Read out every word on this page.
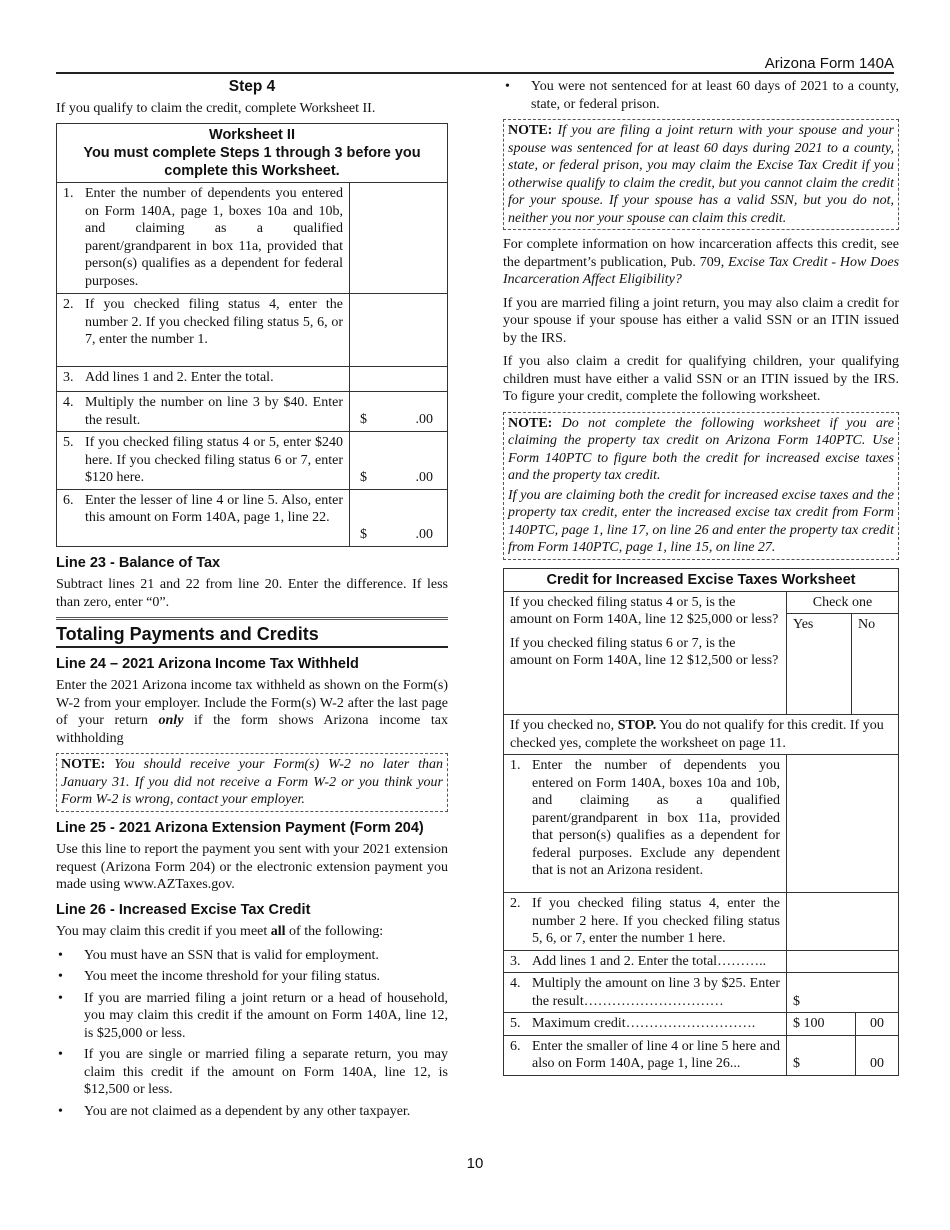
Arizona Form 140A
Step 4

If you qualify to claim the credit, complete Worksheet II.

Worksheet II
You must complete Steps 1 through 3 before you complete this Worksheet.	

1. Enter the number of dependents you entered on Form 140A, page 1, boxes 10a and 10b, and claiming as a qualified parent/grandparent in box 11a, provided that person(s) qualifies as a dependent for federal purposes.	

2. If you checked filing status 4, enter the number 2. If you checked filing status 5, 6, or 7, enter the number 1.	

3. Add lines 1 and 2. Enter the total.	

4. Multiply the number on line 3 by $40. Enter the result.	$ .00

5. If you checked filing status 4 or 5, enter $240 here. If you checked filing status 6 or 7, enter $120 here.	$ .00

6. Enter the lesser of line 4 or line 5. Also, enter this amount on Form 140A, page 1, line 22.	$ .00
Line 23 - Balance of Tax

Subtract lines 21 and 22 from line 20. Enter the difference. If less than zero, enter “0”.

Totaling Payments and Credits
Line 24 – 2021 Arizona Income Tax Withheld

Enter the 2021 Arizona income tax withheld as shown on the Form(s) W-2 from your employer. Include the Form(s) W-2 after the last page of your return only if the form shows Arizona income tax withholding

NOTE: You should receive your Form(s) W-2 no later than January 31. If you did not receive a Form W-2 or you think your Form W-2 is wrong, contact your employer.
Line 25 - 2021 Arizona Extension Payment (Form 204)

Use this line to report the payment you sent with your 2021 extension request (Arizona Form 204) or the electronic extension payment you made using www.AZTaxes.gov.

Line 26 - Increased Excise Tax Credit

You may claim this credit if you meet all of the following:

• You must have an SSN that is valid for employment.
• You meet the income threshold for your filing status.
• If you are married filing a joint return or a head of household, you may claim this credit if the amount on Form 140A, line 12, is $25,000 or less.
• If you are single or married filing a separate return, you may claim this credit if the amount on Form 140A, line 12, is $12,500 or less.
• You are not claimed as a dependent by any other taxpayer.
• You were not sentenced for at least 60 days of 2021 to a county, state, or federal prison.
NOTE: If you are filing a joint return with your spouse and your spouse was sentenced for at least 60 days during 2021 to a county, state, or federal prison, you may claim the Excise Tax Credit if you otherwise qualify to claim the credit, but you cannot claim the credit for your spouse. If your spouse has a valid SSN, but you do not, neither you nor your spouse can claim this credit.

For complete information on how incarceration affects this credit, see the department’s publication, Pub. 709, Excise Tax Credit - How Does Incarceration Affect Eligibility?

If you are married filing a joint return, you may also claim a credit for your spouse if your spouse has either a valid SSN or an ITIN issued by the IRS.

If you also claim a credit for qualifying children, your qualifying children must have either a valid SSN or an ITIN issued by the IRS. To figure your credit, complete the following worksheet.

NOTE: Do not complete the following worksheet if you are claiming the property tax credit on Arizona Form 140PTC. Use Form 140PTC to figure both the credit for increased excise taxes and the property tax credit.
If you are claiming both the credit for increased excise taxes and the property tax credit, enter the increased excise tax credit from Form 140PTC, page 1, line 17, on line 26 and enter the property tax credit from Form 140PTC, page 1, line 15, on line 27.
Credit for Increased Excise Taxes Worksheet			

If you checked filing status 4 or 5, is the amount on Form 140A, line 12 $25,000 or less?
If you checked filing status 6 or 7, is the amount on Form 140A, line 12 $12,500 or less?	Check one		
	Yes	No	
If you checked no, STOP. You do not qualify for this credit. If you checked yes, complete the worksheet on page 11.			

1. Enter the number of dependents you entered on Form 140A, boxes 10a and 10b, and claiming as a qualified parent/grandparent in box 11a, provided that person(s) qualifies as a dependent for federal purposes. Exclude any dependent that is not an Arizona resident.			

2. If you checked filing status 4, enter the number 2 here. If you checked filing status 5, 6, or 7, enter the number 1 here.			

3. Add lines 1 and 2. Enter the total………..			

4. Multiply the amount on line 3 by $25. Enter the result…………………………	$		

5. Maximum credit……………………….	$ 100		00

6. Enter the smaller of line 4 or line 5 here and also on Form 140A, page 1, line 26...	$		00
10
